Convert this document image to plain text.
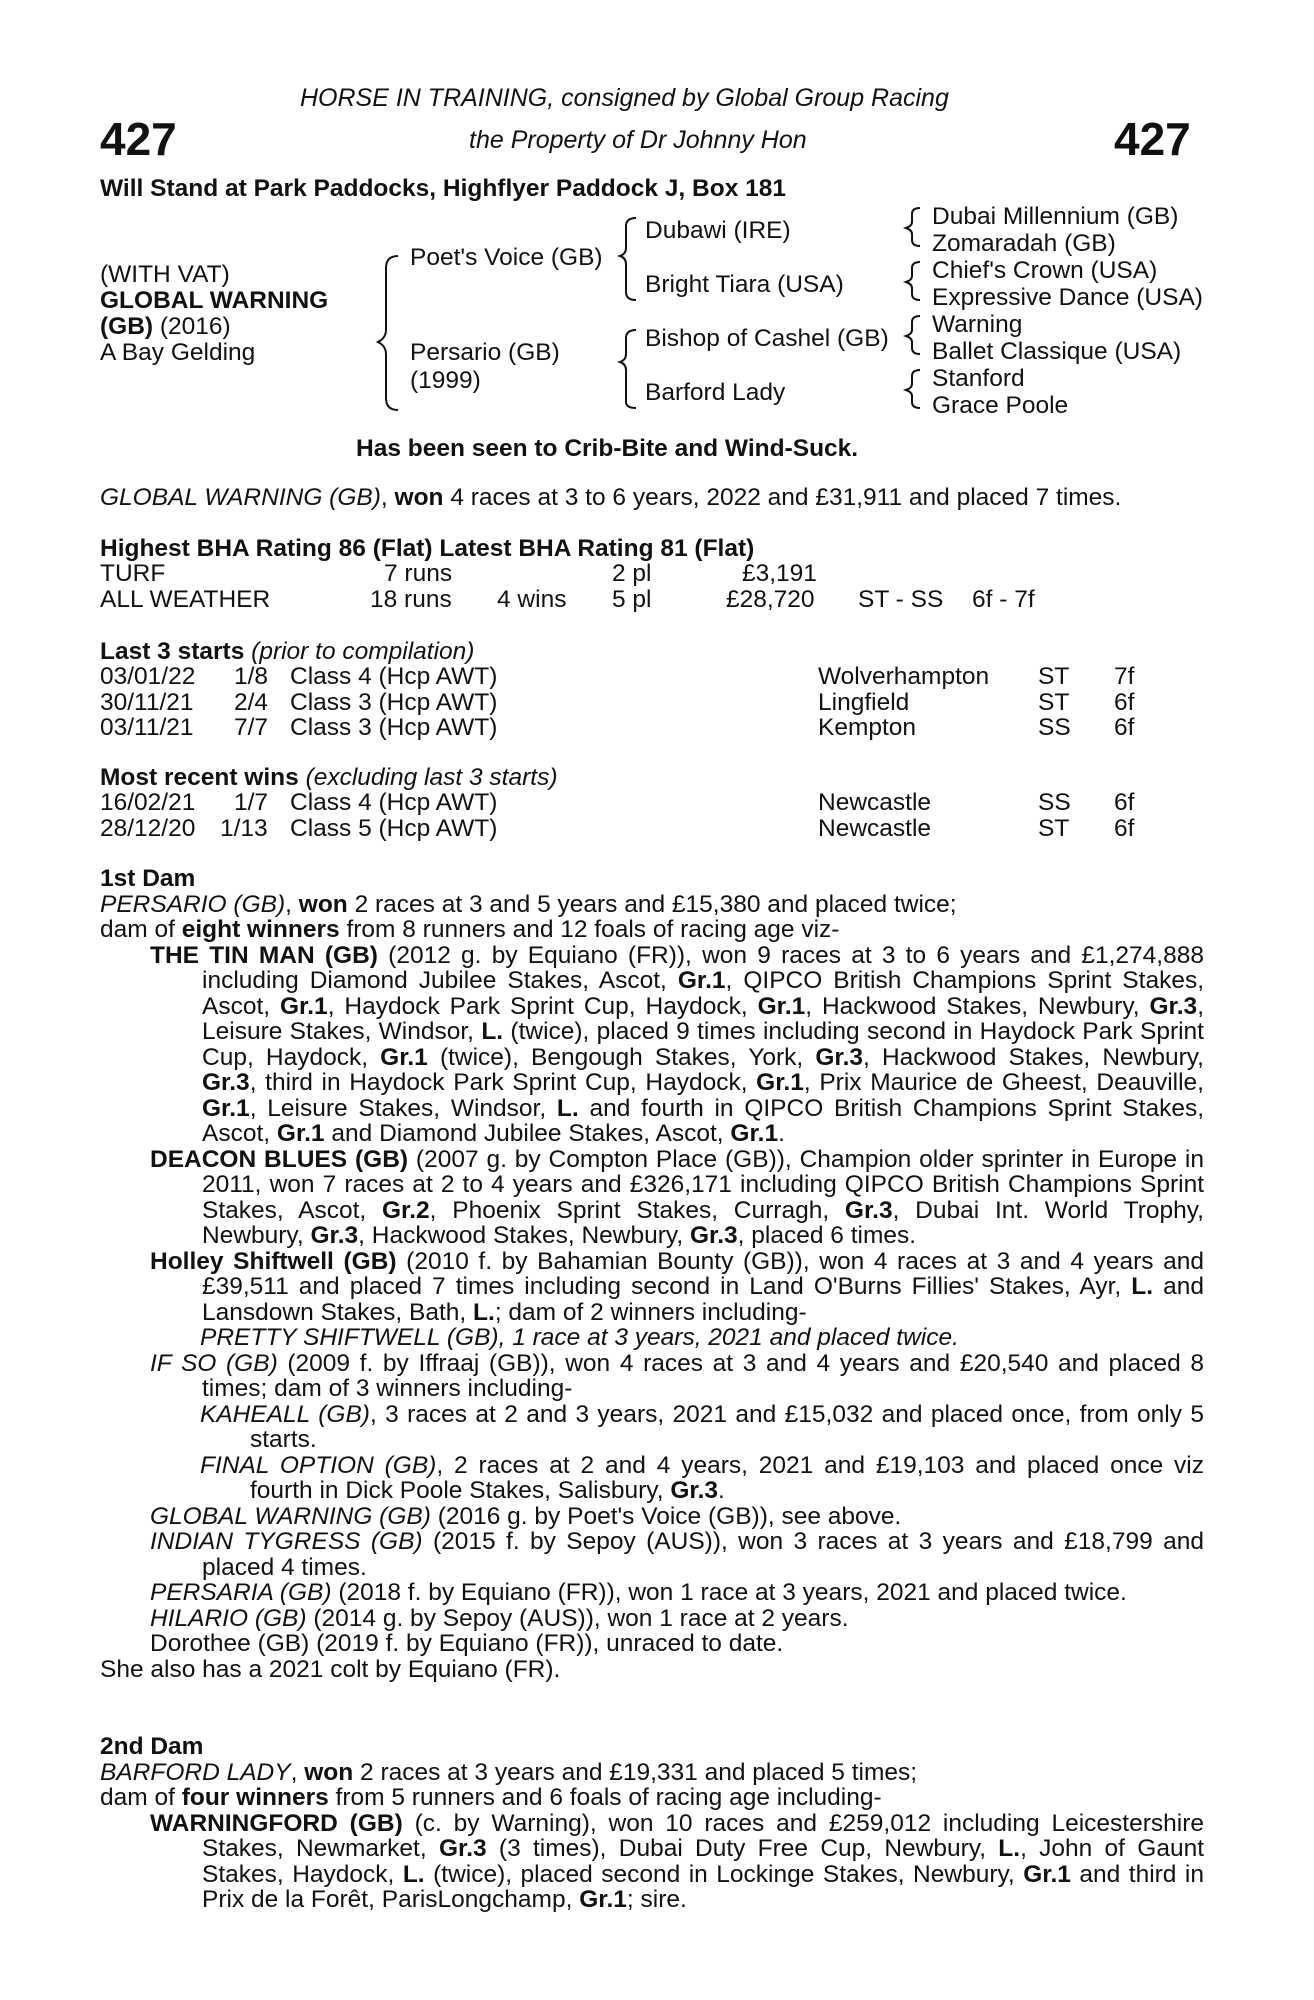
427	427
HORSE IN TRAINING, consigned by Global Group Racing
the Property of Dr Johnny Hon
Will Stand at Park Paddocks, Highflyer Paddock J, Box 181
(WITH VAT)
GLOBAL WARNING
(GB) (2016)
A Bay Gelding
Poet's Voice (GB)
Persario (GB)
(1999)
Dubawi (IRE)
Bright Tiara (USA)
Bishop of Cashel (GB)
Barford Lady
Dubai Millennium (GB)
Zomaradah (GB)
Chief's Crown (USA)
Expressive Dance (USA)
Warning
Ballet Classique (USA)
Stanford
Grace Poole
Has been seen to Crib-Bite and Wind-Suck.
GLOBAL WARNING (GB), won 4 races at 3 to 6 years, 2022 and £31,911 and placed 7 times.
Highest BHA Rating 86 (Flat) Latest BHA Rating 81 (Flat)
TURF	7 runs	2 pl	£3,191
ALL WEATHER	18 runs 4 wins 5 pl	£28,720 ST - SS 6f - 7f
Last 3 starts (prior to compilation)
03/01/22 1/8 Class 4 (Hcp AWT)	Wolverhampton ST 7f
30/11/21 2/4 Class 3 (Hcp AWT)	Lingfield	ST 6f
03/11/21 7/7 Class 3 (Hcp AWT)	Kempton	SS 6f
Most recent wins (excluding last 3 starts)
16/02/21 1/7 Class 4 (Hcp AWT)	Newcastle	SS 6f
28/12/20 1/13 Class 5 (Hcp AWT)	Newcastle	ST 6f
1st Dam
PERSARIO (GB), won 2 races at 3 and 5 years and £15,380 and placed twice;
dam of eight winners from 8 runners and 12 foals of racing age viz-
THE TIN MAN (GB) (2012 g. by Equiano (FR)), won 9 races at 3 to 6 years and £1,274,888 including Diamond Jubilee Stakes, Ascot, Gr.1, QIPCO British Champions Sprint Stakes, Ascot, Gr.1, Haydock Park Sprint Cup, Haydock, Gr.1, Hackwood Stakes, Newbury, Gr.3, Leisure Stakes, Windsor, L. (twice), placed 9 times including second in Haydock Park Sprint Cup, Haydock, Gr.1 (twice), Bengough Stakes, York, Gr.3, Hackwood Stakes, Newbury, Gr.3, third in Haydock Park Sprint Cup, Haydock, Gr.1, Prix Maurice de Gheest, Deauville, Gr.1, Leisure Stakes, Windsor, L. and fourth in QIPCO British Champions Sprint Stakes, Ascot, Gr.1 and Diamond Jubilee Stakes, Ascot, Gr.1.
DEACON BLUES (GB) (2007 g. by Compton Place (GB)), Champion older sprinter in Europe in 2011, won 7 races at 2 to 4 years and £326,171 including QIPCO British Champions Sprint Stakes, Ascot, Gr.2, Phoenix Sprint Stakes, Curragh, Gr.3, Dubai Int. World Trophy, Newbury, Gr.3, Hackwood Stakes, Newbury, Gr.3, placed 6 times.
Holley Shiftwell (GB) (2010 f. by Bahamian Bounty (GB)), won 4 races at 3 and 4 years and £39,511 and placed 7 times including second in Land O'Burns Fillies' Stakes, Ayr, L. and Lansdown Stakes, Bath, L.; dam of 2 winners including-
PRETTY SHIFTWELL (GB), 1 race at 3 years, 2021 and placed twice.
IF SO (GB) (2009 f. by Iffraaj (GB)), won 4 races at 3 and 4 years and £20,540 and placed 8 times; dam of 3 winners including-
KAHEALL (GB), 3 races at 2 and 3 years, 2021 and £15,032 and placed once, from only 5 starts.
FINAL OPTION (GB), 2 races at 2 and 4 years, 2021 and £19,103 and placed once viz fourth in Dick Poole Stakes, Salisbury, Gr.3.
GLOBAL WARNING (GB) (2016 g. by Poet's Voice (GB)), see above.
INDIAN TYGRESS (GB) (2015 f. by Sepoy (AUS)), won 3 races at 3 years and £18,799 and placed 4 times.
PERSARIA (GB) (2018 f. by Equiano (FR)), won 1 race at 3 years, 2021 and placed twice.
HILARIO (GB) (2014 g. by Sepoy (AUS)), won 1 race at 2 years.
Dorothee (GB) (2019 f. by Equiano (FR)), unraced to date.
She also has a 2021 colt by Equiano (FR).
2nd Dam
BARFORD LADY, won 2 races at 3 years and £19,331 and placed 5 times;
dam of four winners from 5 runners and 6 foals of racing age including-
WARNINGFORD (GB) (c. by Warning), won 10 races and £259,012 including Leicestershire Stakes, Newmarket, Gr.3 (3 times), Dubai Duty Free Cup, Newbury, L., John of Gaunt Stakes, Haydock, L. (twice), placed second in Lockinge Stakes, Newbury, Gr.1 and third in Prix de la Forêt, ParisLongchamp, Gr.1; sire.
